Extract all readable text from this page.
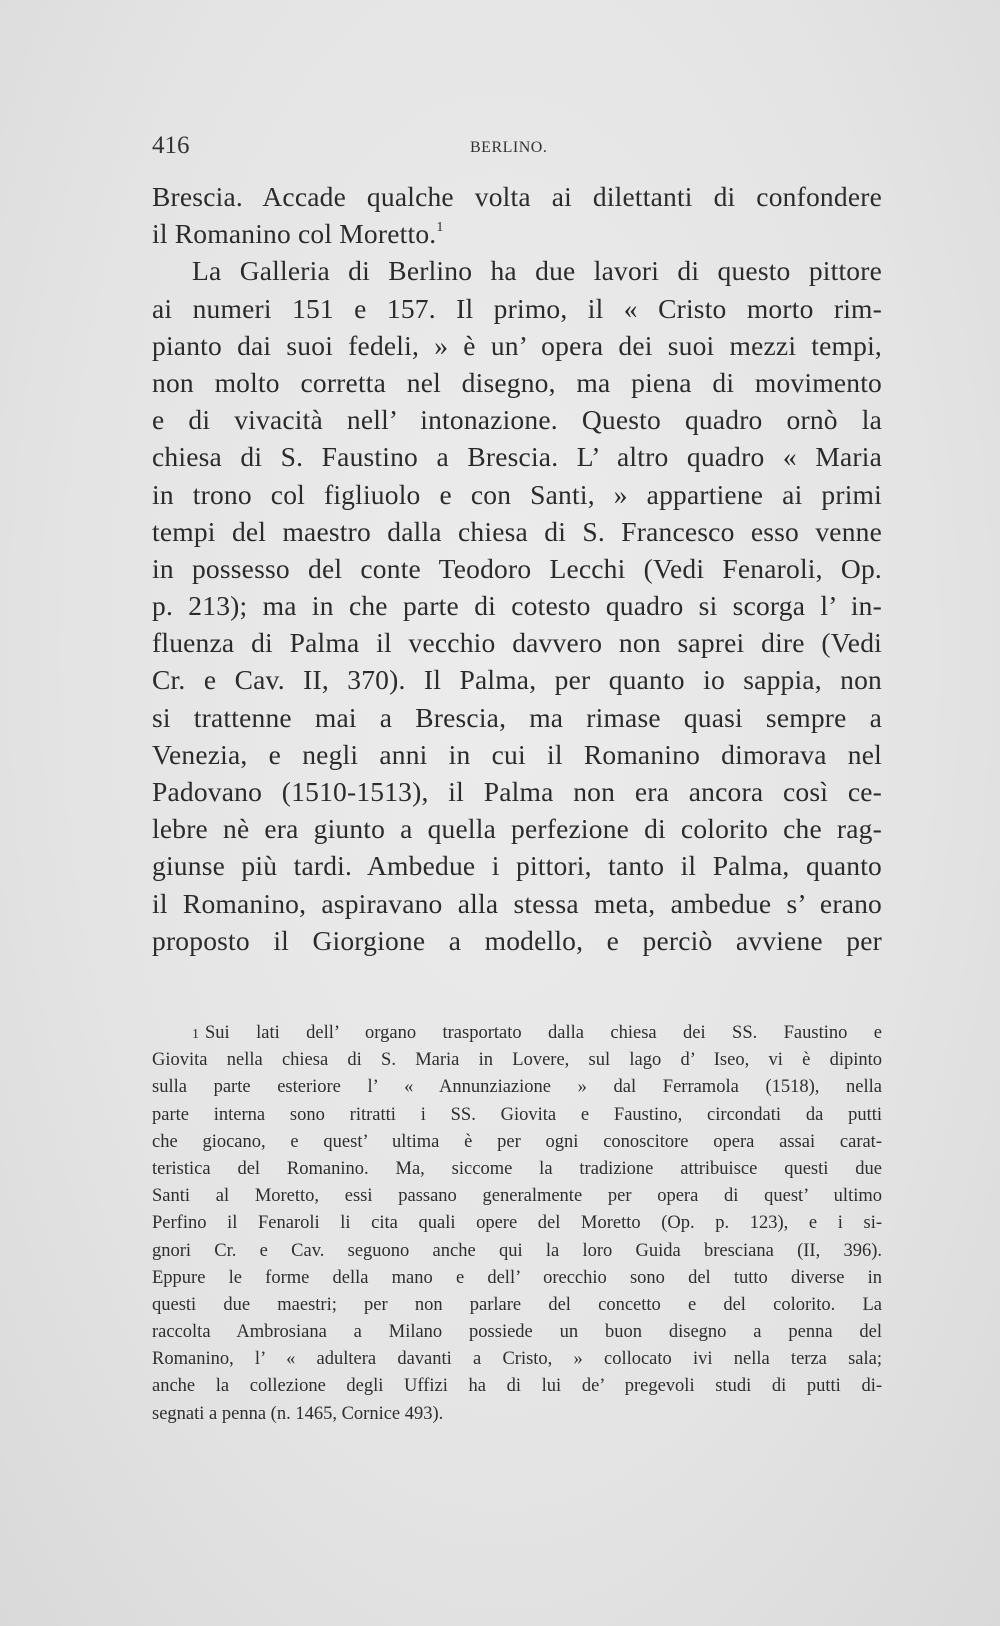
416	BERLINO.
Brescia. Accade qualche volta ai dilettanti di confondere
il Romanino col Moretto.$^1$
La Galleria di Berlino ha due lavori di questo pittore
ai numeri 151 e 157. Il primo, il « Cristo morto rim-
pianto dai suoi fedeli, » è un’ opera dei suoi mezzi tempi,
non molto corretta nel disegno, ma piena di movimento
e di vivacità nell’ intonazione. Questo quadro ornò la
chiesa di S. Faustino a Brescia. L’ altro quadro « Maria
in trono col figliuolo e con Santi, » appartiene ai primi
tempi del maestro dalla chiesa di S. Francesco esso venne
in possesso del conte Teodoro Lecchi (Vedi Fenaroli, Op.
p. 213); ma in che parte di cotesto quadro si scorga l’ in-
fluenza di Palma il vecchio davvero non saprei dire (Vedi
Cr. e Cav. II, 370). Il Palma, per quanto io sappia, non
si trattenne mai a Brescia, ma rimase quasi sempre a
Venezia, e negli anni in cui il Romanino dimorava nel
Padovano (1510-1513), il Palma non era ancora così ce-
lebre nè era giunto a quella perfezione di colorito che rag-
giunse più tardi. Ambedue i pittori, tanto il Palma, quanto
il Romanino, aspiravano alla stessa meta, ambedue s’ erano
proposto il Giorgione a modello, e perciò avviene per
1 Sui lati dell’ organo trasportato dalla chiesa dei SS. Faustino e
Giovita nella chiesa di S. Maria in Lovere, sul lago d’ Iseo, vi è dipinto
sulla parte esteriore l’ « Annunziazione » dal Ferramola (1518), nella
parte interna sono ritratti i SS. Giovita e Faustino, circondati da putti
che giocano, e quest’ ultima è per ogni conoscitore opera assai carat-
teristica del Romanino. Ma, siccome la tradizione attribuisce questi due
Santi al Moretto, essi passano generalmente per opera di quest’ ultimo
Perfino il Fenaroli li cita quali opere del Moretto (Op. p. 123), e i si-
gnori Cr. e Cav. seguono anche qui la loro Guida bresciana (II, 396).
Eppure le forme della mano e dell’ orecchio sono del tutto diverse in
questi due maestri; per non parlare del concetto e del colorito. La
raccolta Ambrosiana a Milano possiede un buon disegno a penna del
Romanino, l’ « adultera davanti a Cristo, » collocato ivi nella terza sala;
anche la collezione degli Uffizi ha di lui de’ pregevoli studi di putti di-
segnati a penna (n. 1465, Cornice 493).
